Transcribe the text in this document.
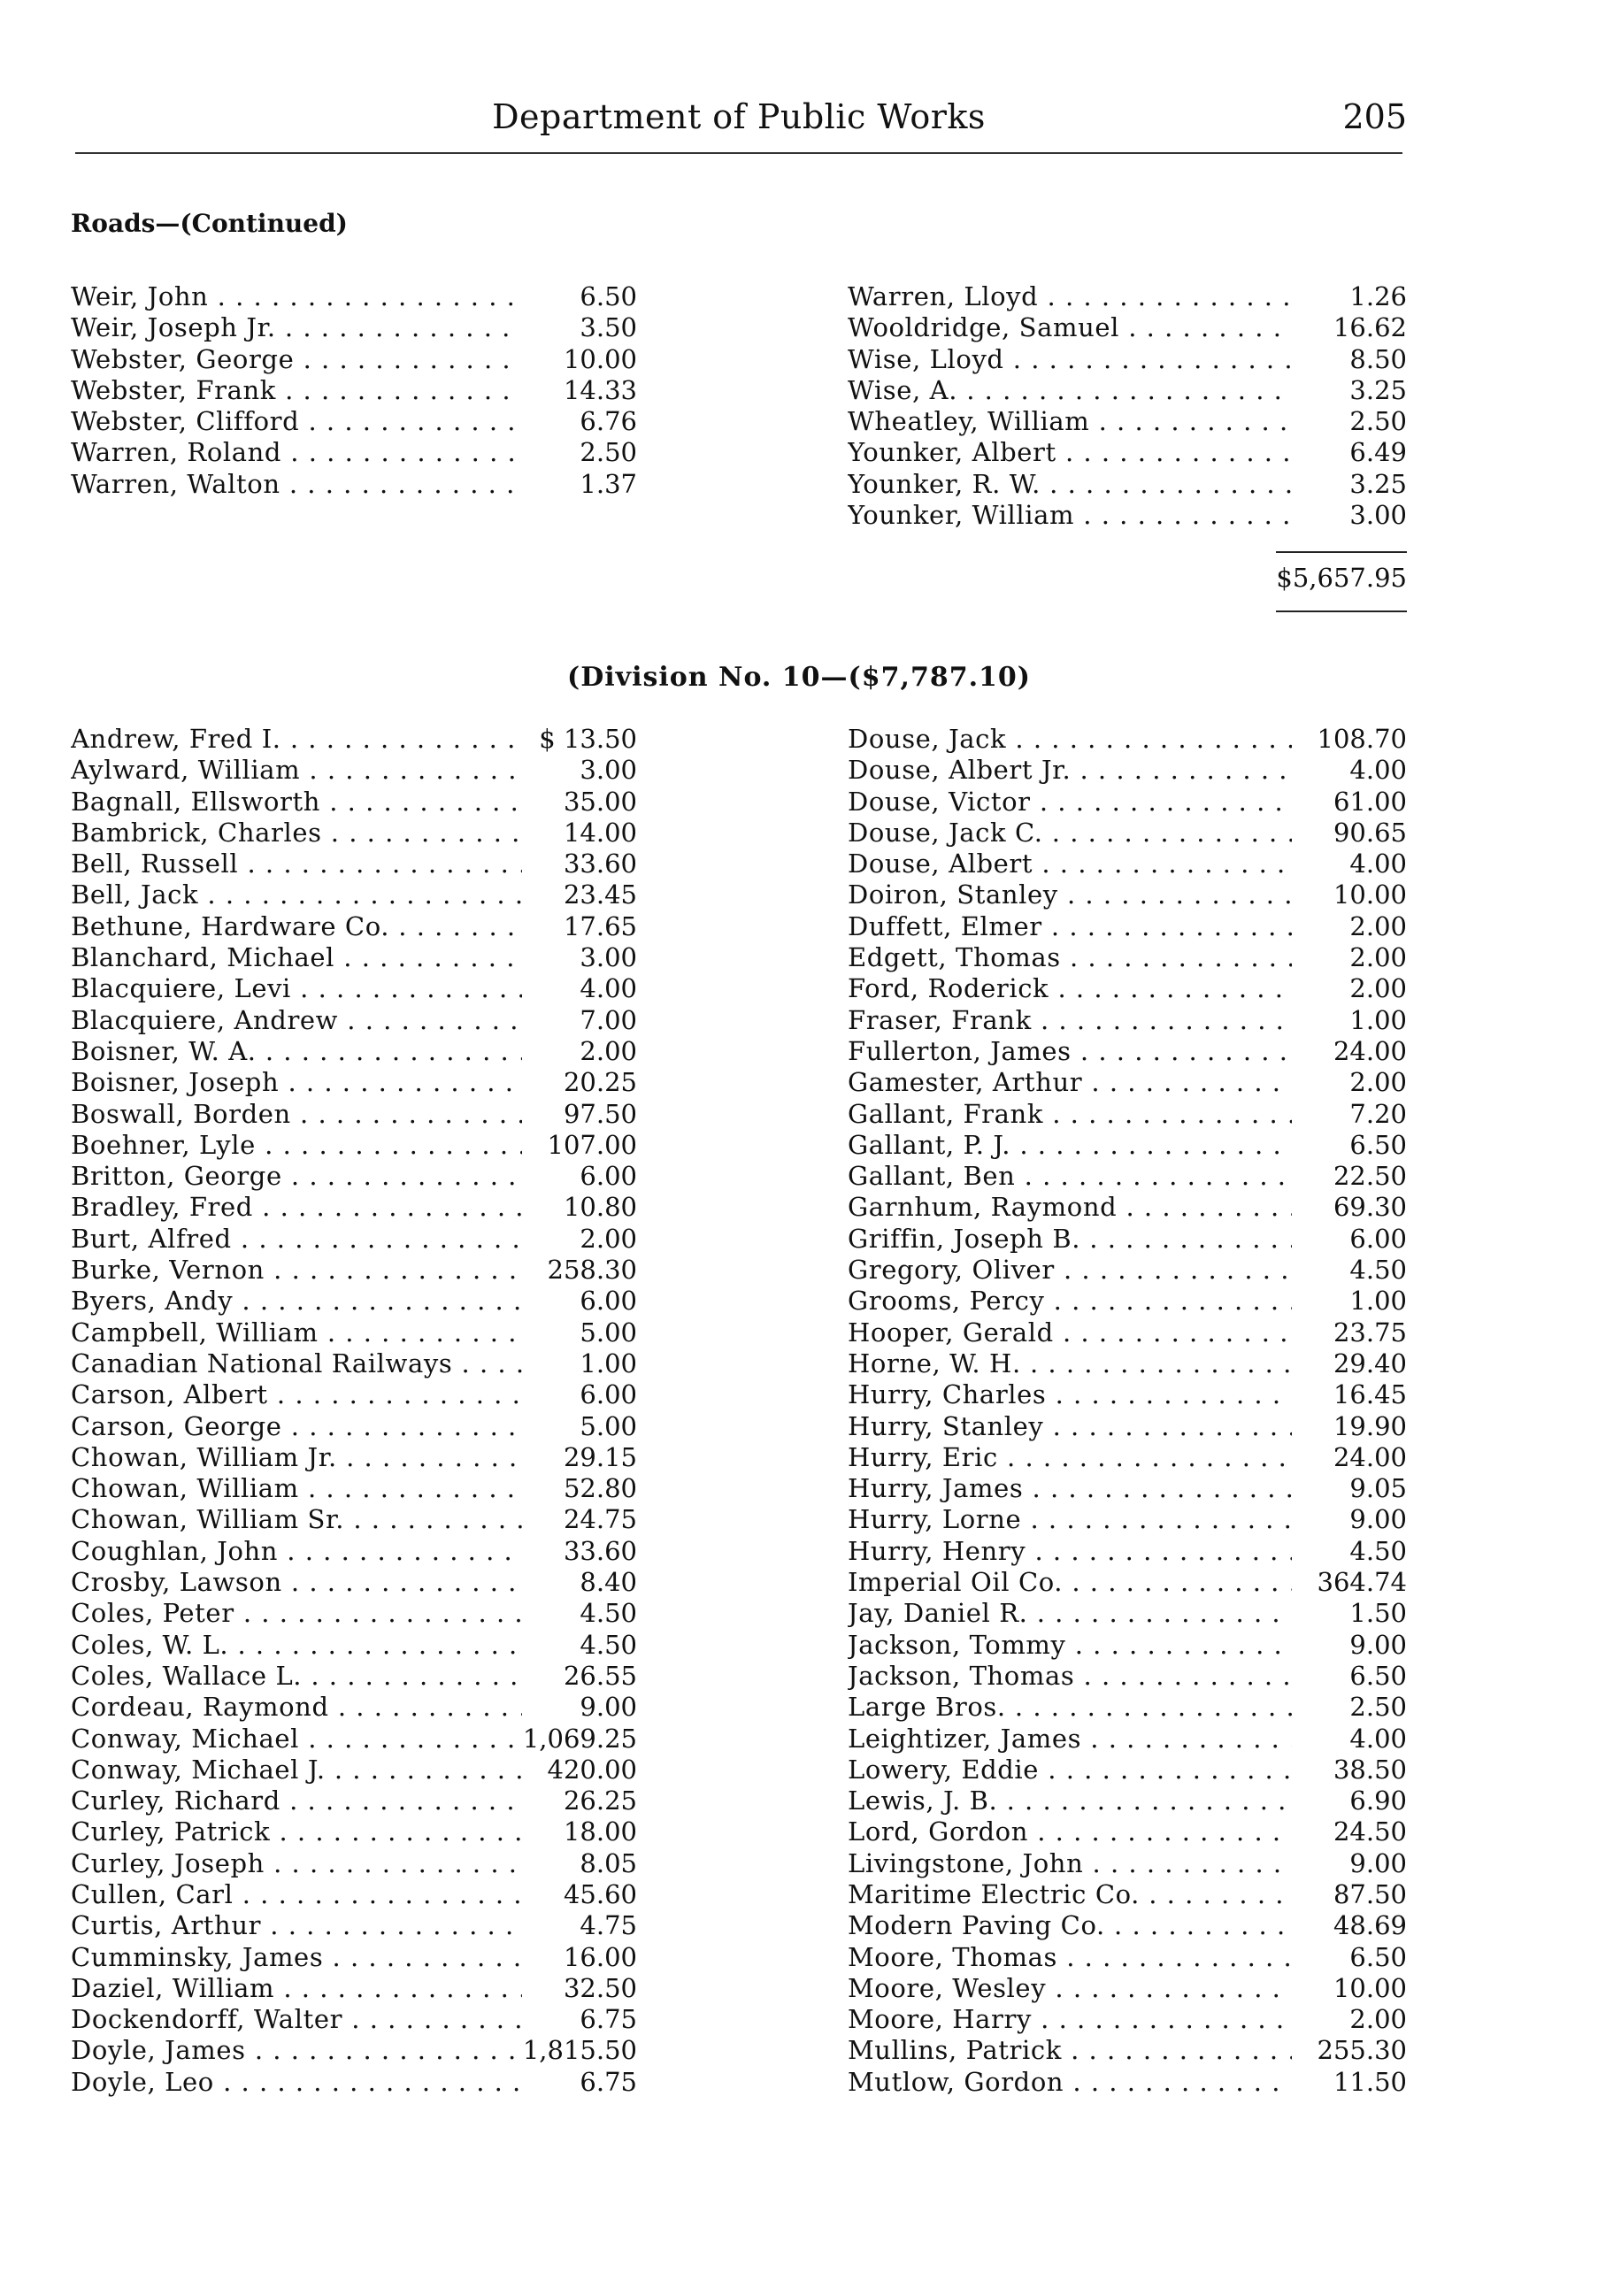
Department of Public Works	205
Roads—(Continued)
Weir, John . . .	6.50
Weir, Joseph Jr. . . .	3.50
Webster, George . . .	10.00
Webster, Frank . . .	14.33
Webster, Clifford . . .	6.76
Warren, Roland . . .	2.50
Warren, Walton . . .	1.37
Warren, Lloyd . . .	1.26
Wooldridge, Samuel . . .	16.62
Wise, Lloyd . . .	8.50
Wise, A. . . .	3.25
Wheatley, William . . .	2.50
Younker, Albert . . .	6.49
Younker, R. W. . . .	3.25
Younker, William . . .	3.00
$5,657.95
(Division No. 10—($7,787.10)
Andrew, Fred I. . . .	$ 13.50
Aylward, William . . .	3.00
Bagnall, Ellsworth . . .	35.00
Bambrick, Charles . . .	14.00
Bell, Russell . . .	33.60
Bell, Jack . . .	23.45
Bethune, Hardware Co. . . .	17.65
Blanchard, Michael . . .	3.00
Blacquiere, Levi . . .	4.00
Blacquiere, Andrew . . .	7.00
Boisner, W. A. . . .	2.00
Boisner, Joseph . . .	20.25
Boswall, Borden . . .	97.50
Boehner, Lyle . . .	107.00
Britton, George . . .	6.00
Bradley, Fred . . .	10.80
Burt, Alfred . . .	2.00
Burke, Vernon . . .	258.30
Byers, Andy . . .	6.00
Campbell, William . . .	5.00
Canadian National Railways . . .	1.00
Carson, Albert . . .	6.00
Carson, George . . .	5.00
Chowan, William Jr. . . .	29.15
Chowan, William . . .	52.80
Chowan, William Sr. . . .	24.75
Coughlan, John . . .	33.60
Crosby, Lawson . . .	8.40
Coles, Peter . . .	4.50
Coles, W. L. . . .	4.50
Coles, Wallace L. . . .	26.55
Cordeau, Raymond . . .	9.00
Conway, Michael . . .	1,069.25
Conway, Michael J. . . .	420.00
Curley, Richard . . .	26.25
Curley, Patrick . . .	18.00
Curley, Joseph . . .	8.05
Cullen, Carl . . .	45.60
Curtis, Arthur . . .	4.75
Cumminsky, James . . .	16.00
Daziel, William . . .	32.50
Dockendorff, Walter . . .	6.75
Doyle, James . . .	1,815.50
Doyle, Leo . . .	6.75
Douse, Jack . . .	108.70
Douse, Albert Jr. . . .	4.00
Douse, Victor . . .	61.00
Douse, Jack C. . . .	90.65
Douse, Albert . . .	4.00
Doiron, Stanley . . .	10.00
Duffett, Elmer . . .	2.00
Edgett, Thomas . . .	2.00
Ford, Roderick . . .	2.00
Fraser, Frank . . .	1.00
Fullerton, James . . .	24.00
Gamester, Arthur . . .	2.00
Gallant, Frank . . .	7.20
Gallant, P. J. . . .	6.50
Gallant, Ben . . .	22.50
Garnhum, Raymond . . .	69.30
Griffin, Joseph B. . . .	6.00
Gregory, Oliver . . .	4.50
Grooms, Percy . . .	1.00
Hooper, Gerald . . .	23.75
Horne, W. H. . . .	29.40
Hurry, Charles . . .	16.45
Hurry, Stanley . . .	19.90
Hurry, Eric . . .	24.00
Hurry, James . . .	9.05
Hurry, Lorne . . .	9.00
Hurry, Henry . . .	4.50
Imperial Oil Co. . . .	364.74
Jay, Daniel R. . . .	1.50
Jackson, Tommy . . .	9.00
Jackson, Thomas . . .	6.50
Large Bros. . . .	2.50
Leightizer, James . . .	4.00
Lowery, Eddie . . .	38.50
Lewis, J. B. . . .	6.90
Lord, Gordon . . .	24.50
Livingstone, John . . .	9.00
Maritime Electric Co. . . .	87.50
Modern Paving Co. . . .	48.69
Moore, Thomas . . .	6.50
Moore, Wesley . . .	10.00
Moore, Harry . . .	2.00
Mullins, Patrick . . .	255.30
Mutlow, Gordon . . .	11.50
